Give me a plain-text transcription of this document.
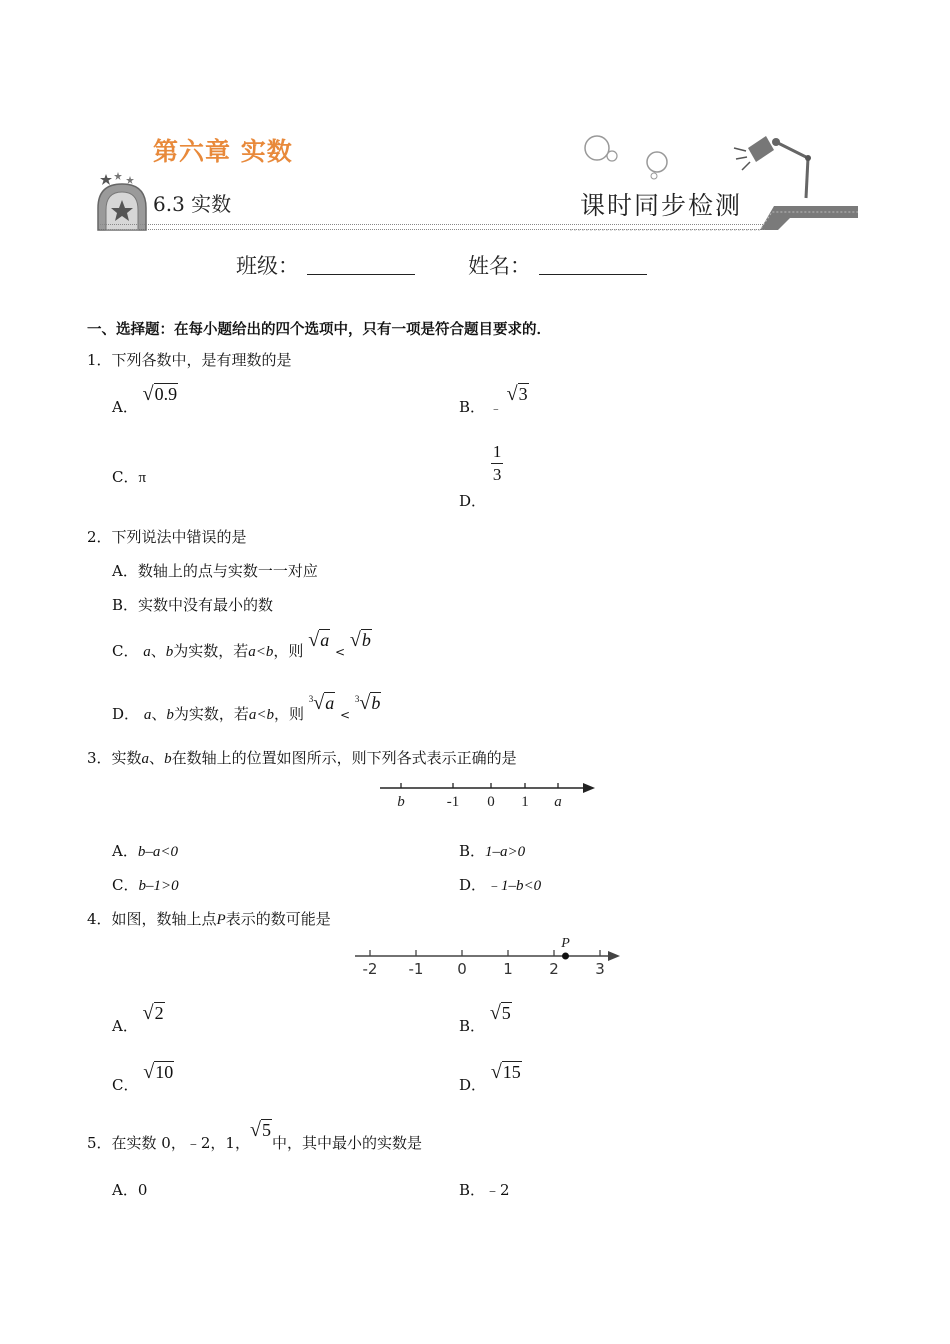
第六章 实数
6.3 实数	课时同步检测
班级：	姓名：
一、选择题：在每小题给出的四个选项中，只有一项是符合题目要求的．
1．下列各数中，是有理数的是
A． √0.9
B． $_﹣$ √3
C．π
D．
$\frac{1}{3}$
2．下列说法中错误的是
A．数轴上的点与实数一一对应
B．实数中没有最小的数
C． a、b为实数，若a<b，则 √a $_<$ √b
D． a、b为实数，若a<b，则 $^3$√a $_<$ $^3$√b
3．实数a、b在数轴上的位置如图所示，则下列各式表示正确的是
b	-1 0 1 a
A．b–a<0	B．1–a>0
C．b–1>0	D．﹣1–b<0
4．如图，数轴上点P表示的数可能是
-2 -1 0 1 2 3
P
A． √2
B． √5
C． √10
D． √15
5．在实数 0，﹣2，1，√5中，其中最小的实数是
A．0	B．﹣2
